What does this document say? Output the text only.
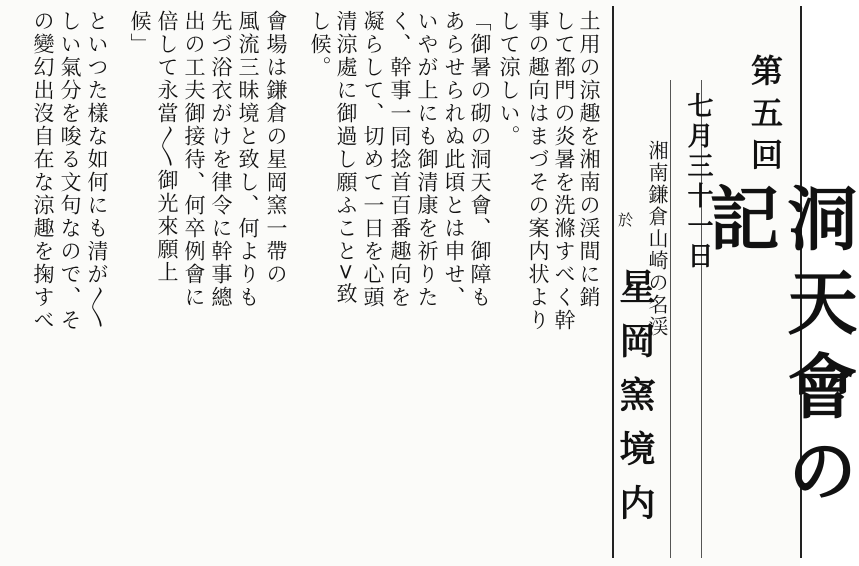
第五回
七月三十一日 洞天會の記
湘南鎌倉山崎の名渓
於
星岡窯境内
土用の涼趣を湘南の渓間に銷
して都門の炎暑を洗滌すべく幹
事の趣向はまづその案内状より
して涼しい。
「御暑の砌の洞天會、御障も
あらせられぬ此頃とは申せ、
いやが上にも御清康を祈りた
く、幹事一同捻首百番趣向を
凝らして、切めて一日を心頭
清涼處に御過し願ふこと>致
し候。
會場は鎌倉の星岡窯一帶の
風流三昧境と致し、何よりも
先づ浴衣がけを律令に幹事總
出の工夫御接待、何卒例會に
倍して永當〳〵御光來願上
候」
といつた樣な如何にも清が〳〵
しい氣分を唆る文句なので、そ
の變幻出沒自在な涼趣を掬すべ
